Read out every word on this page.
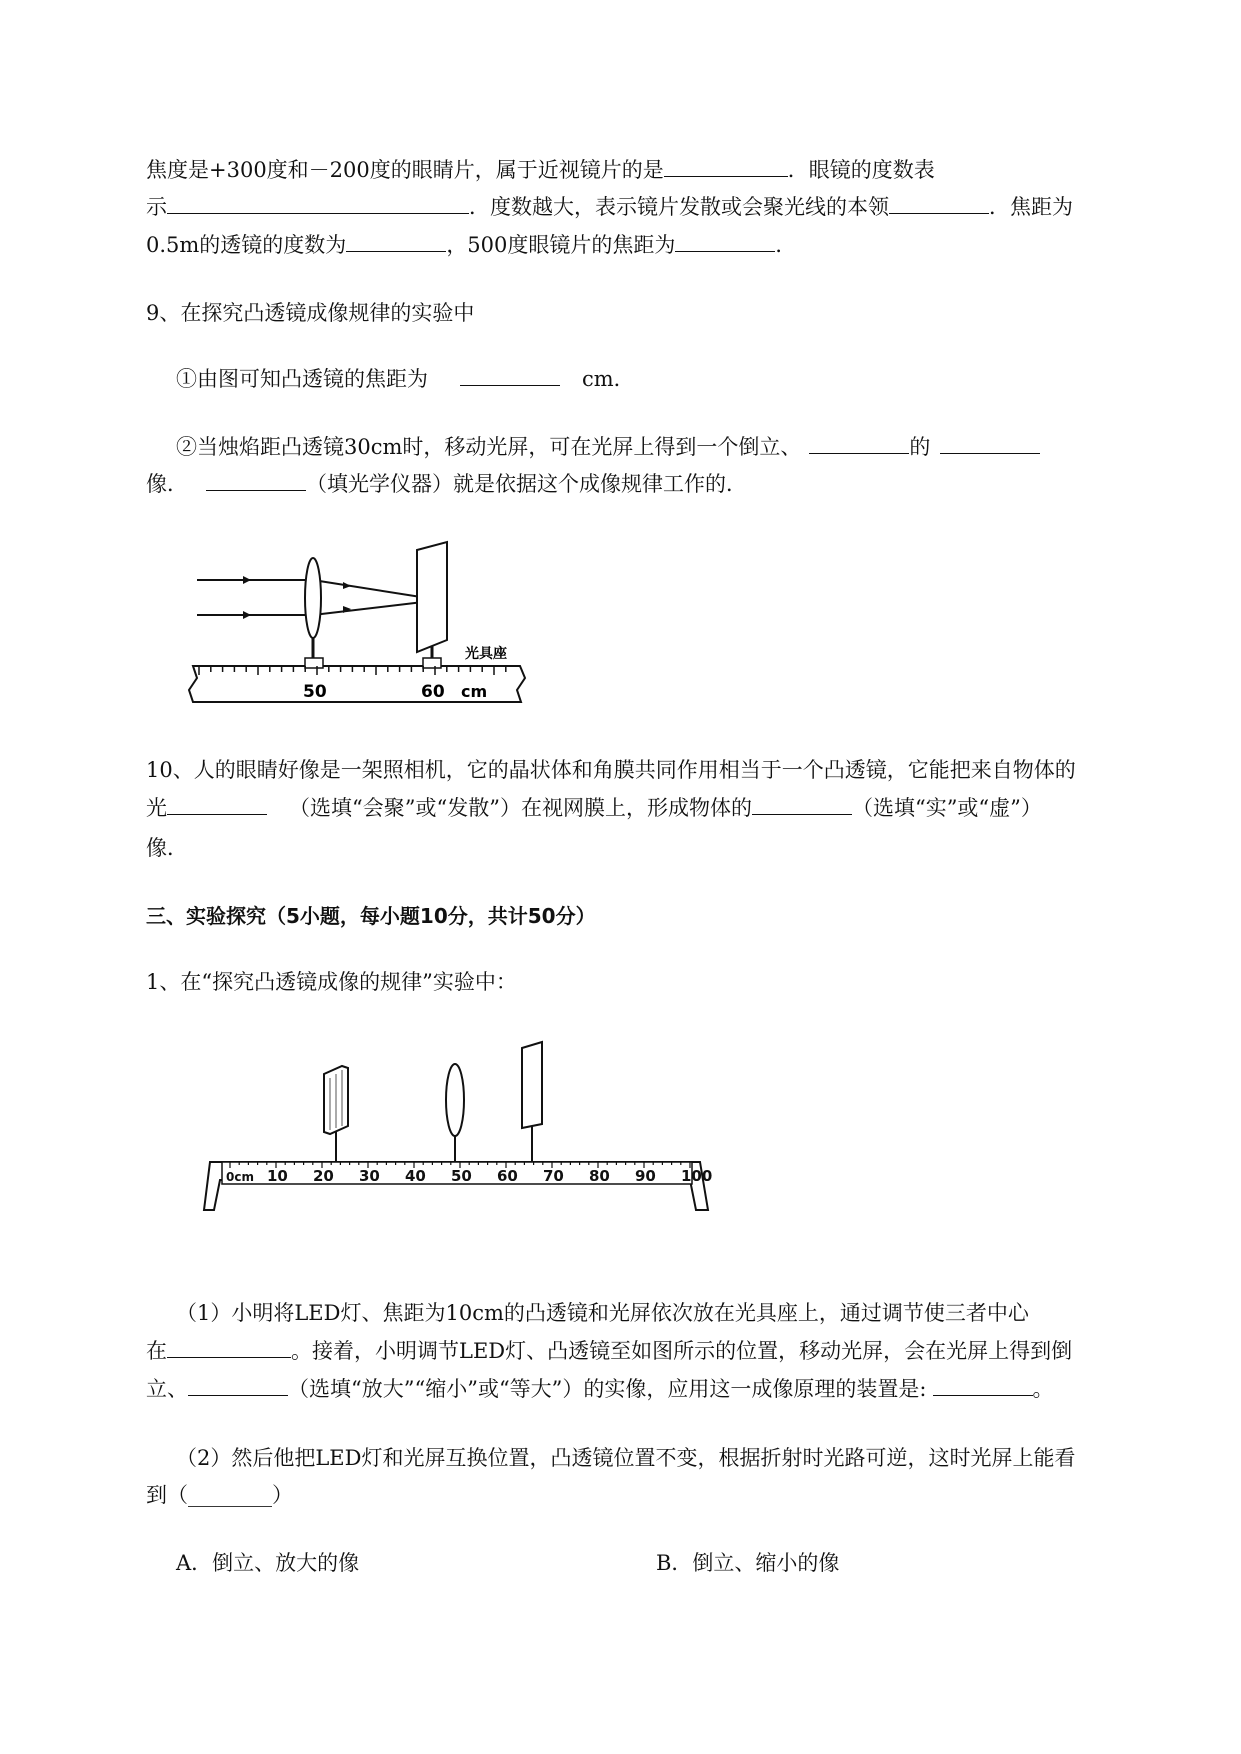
焦度是+300度和－200度的眼睛片，属于近视镜片的是	．眼镜的度数表
示	．度数越大，表示镜片发散或会聚光线的本领	．焦距为
0.5m的透镜的度数为	，500度眼镜片的焦距为	．
9、在探究凸透镜成像规律的实验中
①由图可知凸透镜的焦距为	cm．
②当烛焰距凸透镜30cm时，移动光屏，可在光屏上得到一个倒立、	的
像．	（填光学仪器）就是依据这个成像规律工作的．
光具座
50	60 cm
10、人的眼睛好像是一架照相机，它的晶状体和角膜共同作用相当于一个凸透镜，它能把来自物体的
光	（选填“会聚”或“发散”）在视网膜上，形成物体的	（选填“实”或“虚”）
像．
三、实验探究（5小题，每小题10分，共计50分）
1、在“探究凸透镜成像的规律”实验中：
0cm 10 20 30 40 50 60 70 80 90 100
（1）小明将LED灯、焦距为10cm的凸透镜和光屏依次放在光具座上，通过调节使三者中心
在	。接着，小明调节LED灯、凸透镜至如图所示的位置，移动光屏，会在光屏上得到倒
立、	（选填“放大”“缩小”或“等大”）的实像，应用这一成像原理的装置是:	。
（2）然后他把LED灯和光屏互换位置，凸透镜位置不变，根据折射时光路可逆，这时光屏上能看
到（________）
A．倒立、放大的像	B．倒立、缩小的像
